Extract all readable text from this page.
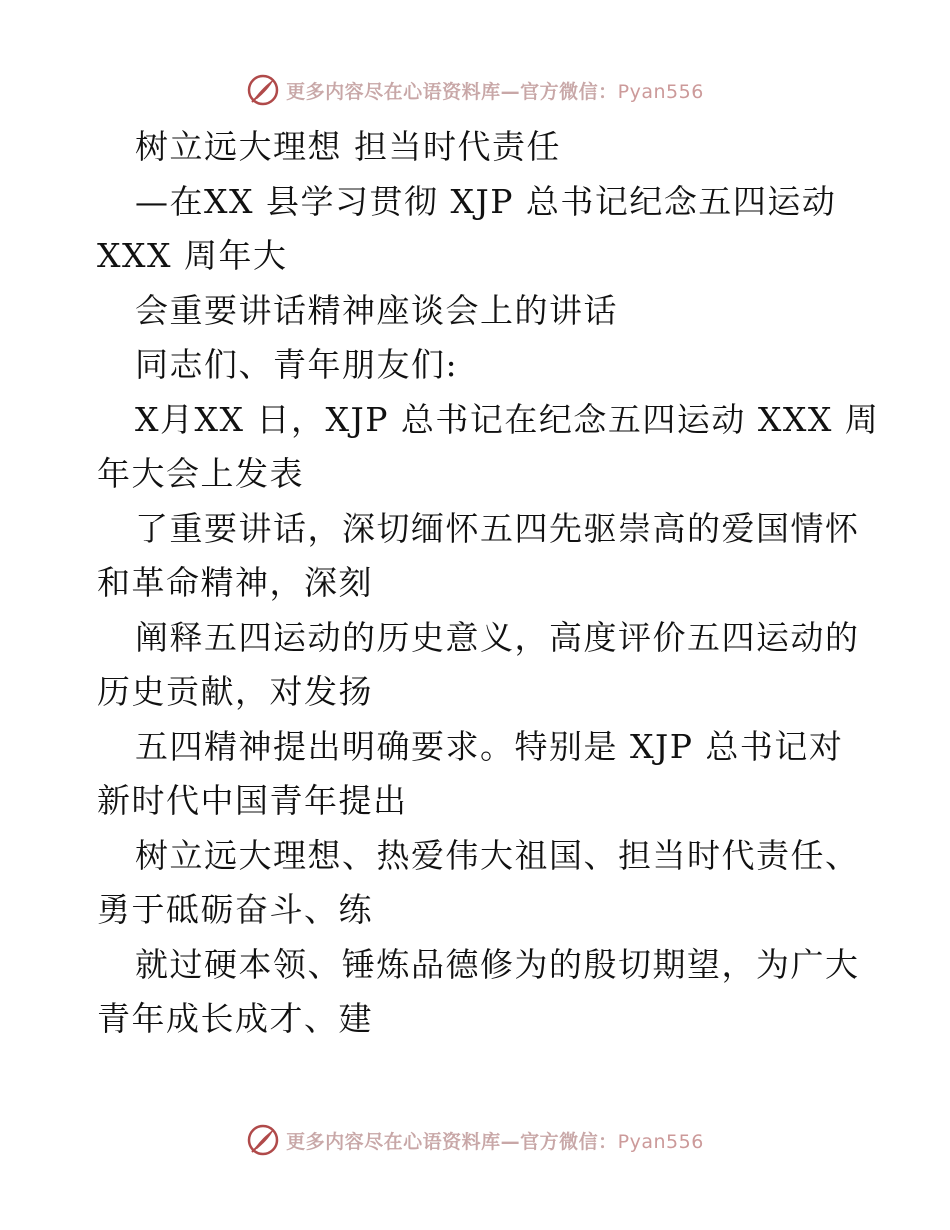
更多内容尽在心语资料库—官方微信：Pyan556
树立远大理想 担当时代责任
—在XX 县学习贯彻 XJP 总书记纪念五四运动
XXX 周年大
会重要讲话精神座谈会上的讲话
同志们、青年朋友们:
X月XX 日，XJP 总书记在纪念五四运动 XXX 周
年大会上发表
了重要讲话，深切缅怀五四先驱崇高的爱国情怀
和革命精神，深刻
阐释五四运动的历史意义，高度评价五四运动的
历史贡献，对发扬
五四精神提出明确要求。特别是 XJP 总书记对
新时代中国青年提出
树立远大理想、热爱伟大祖国、担当时代责任、
勇于砥砺奋斗、练
就过硬本领、锤炼品德修为的殷切期望，为广大
青年成长成才、建
更多内容尽在心语资料库—官方微信：Pyan556
